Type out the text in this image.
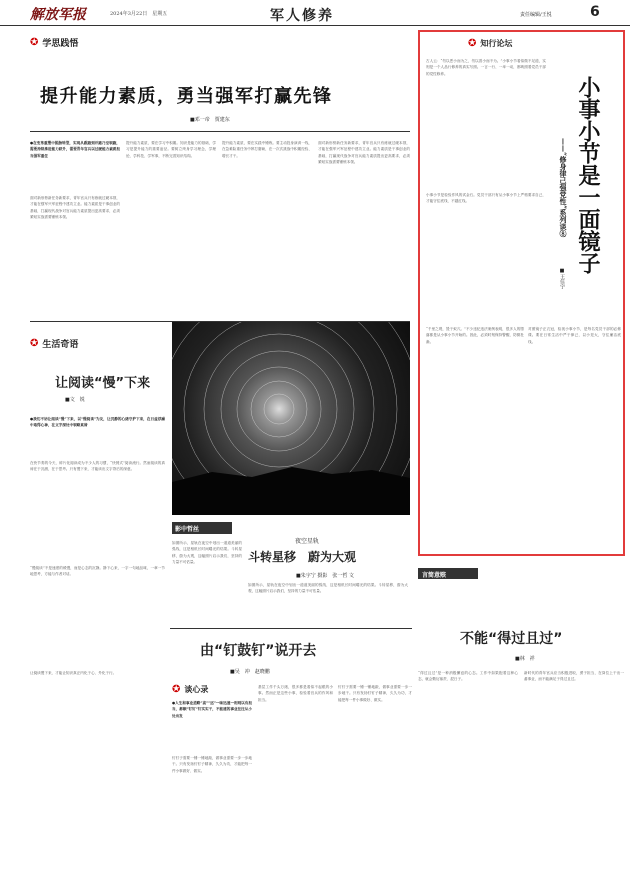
解放军报	2024年3月22日　星期五	军人修养	责任编辑/王悦	6
✪ 学思践悟
提升能力素质，勇当强军打赢先锋
■邓一帝　贾建东
●在变革重塑中脱胎转型，实现从跟跑到并跑乃至领跑，需要持续推进能力跃升，需要青年官兵以过硬能力素质担当强军重任
面对新形势新任务新要求，青年官兵只有练就过硬本领，才能在强军兴军征程中建功立业。能力素质是干事创业的基础，打赢现代战争对官兵能力素质提出更高要求，必须紧贴实战需要锤炼本领。
提升能力素质，要在学习中积累。知识是能力的基础，学习是提升能力的重要途径。要树立终身学习理念，学理论、学科技、学军事，不断完善知识结构。
提升能力素质，要在实践中锤炼。要主动投身演训一线，在急难险重任务中摔打磨砺，在一次次挑战中积累经验、增长才干。
面对新形势新任务新要求，青年官兵只有练就过硬本领，才能在强军兴军征程中建功立业。能力素质是干事创业的基础，打赢现代战争对官兵能力素质提出更高要求，必须紧贴实战需要锤炼本领。
✪ 生活奇语
让阅读“慢”下来
■文　锐
●我们不妨让阅读“慢”下来，以“慢阅读”为友，让沉静的心绪守护下来，在日益浮躁中取得心神，在文字深处中领略真谛
在快节奏的今天，碎片化阅读成为不少人的习惯，“快餐式”阅读流行。然而阅读的真谛在于沉潜，在于思考。只有慢下来，才能读出文字背后的深意。
“慢阅读”不是速度的缓慢，而是心态的沉静。静下心来，一字一句地品味，一章一节地思考，方能与作者对话。
让阅读慢下来，才能让知识真正内化于心、外化于行。
影中哲丝
夜空星轨
斗转星移　蔚为大观
■朱宇宁 摄影　张一哲 文
如图所示，星轨在夜空中划出一道道美丽的弧线，这是相机长时间曝光的结果。斗转星移，蔚为大观，这幅照片启示我们，坚持的力量不可估量。
如图所示，星轨在夜空中划出一道道美丽的弧线，这是相机长时间曝光的结果。斗转星移，蔚为大观，这幅照片启示我们，坚持的力量不可估量。
由“钉鼓钉”说开去
■吴　冲　赵晓鹏
✪ 谈心录
●人生和事业道路“高”“远”一味迅速一则则以有担当，都顺“钉钉”钉实实干，不能建的事业往往从小处出发
钉钉子需要一锤一锤地敲，做事业需要一步一步地干。只有发扬钉钉子精神，久久为功，才能把每一件小事做好、做实。
基层工作千头万绪，很多都是看似不起眼的小事。然而正是这些小事，检验着官兵的作风和担当。
钉钉子需要一锤一锤地敲，做事业需要一步一步地干。只有发扬钉钉子精神，久久为功，才能把每一件小事做好、做实。
✪ 知行论坛
小事小节是一面镜子
——“修身律己强党性”系列谈⑧
■王佳宇
古人云：“勿以恶小而为之，勿以善小而不为。”小事小节看似微不足道，实则是一个人品行修养的真实写照。一言一行、一举一动，都映照着党员干部的党性修养。
小事小节是检验作风的试金石。党员干部只有从小事小节上严格要求自己，才能守住底线、不越红线。
“千里之堤，毁于蚁穴。”不少违纪违法案例表明，很多人的堕落都是从小事小节开始的。因此，必须时刻保持警醒，防微杜渐。
对照镜子正衣冠，检视小事小节，是每名党员干部的必修课。要在日常生活中严于律己，以小见大，守住廉洁底线。
言简意赅
不能“得过且过”
■林　祥
“得过且过”是一种消极懈怠的心态。工作中如果抱着这种心态，就会敷衍塞责、混日子。
新时代的青年官兵应当积极进取，勇于担当，在岗位上干出一番事业，而不能满足于得过且过。
